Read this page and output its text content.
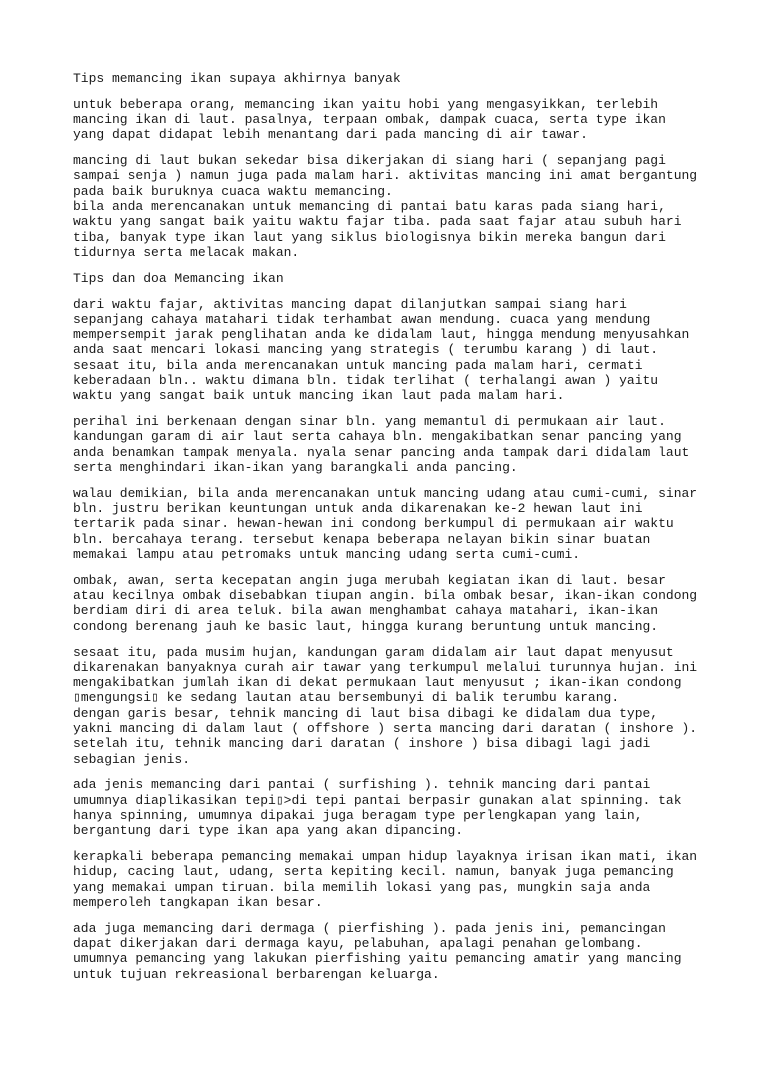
Tips memancing ikan supaya akhirnya banyak
untuk beberapa orang, memancing ikan yaitu hobi yang mengasyikkan, terlebih
mancing ikan di laut. pasalnya, terpaan ombak, dampak cuaca, serta type ikan
yang dapat didapat lebih menantang dari pada mancing di air tawar.
mancing di laut bukan sekedar bisa dikerjakan di siang hari ( sepanjang pagi
sampai senja ) namun juga pada malam hari. aktivitas mancing ini amat bergantung
pada baik buruknya cuaca waktu memancing.
bila anda merencanakan untuk memancing di pantai batu karas pada siang hari,
waktu yang sangat baik yaitu waktu fajar tiba. pada saat fajar atau subuh hari
tiba, banyak type ikan laut yang siklus biologisnya bikin mereka bangun dari
tidurnya serta melacak makan.
Tips dan doa Memancing ikan
dari waktu fajar, aktivitas mancing dapat dilanjutkan sampai siang hari
sepanjang cahaya matahari tidak terhambat awan mendung. cuaca yang mendung
mempersempit jarak penglihatan anda ke didalam laut, hingga mendung menyusahkan
anda saat mencari lokasi mancing yang strategis ( terumbu karang ) di laut.
sesaat itu, bila anda merencanakan untuk mancing pada malam hari, cermati
keberadaan bln.. waktu dimana bln. tidak terlihat ( terhalangi awan ) yaitu
waktu yang sangat baik untuk mancing ikan laut pada malam hari.
perihal ini berkenaan dengan sinar bln. yang memantul di permukaan air laut.
kandungan garam di air laut serta cahaya bln. mengakibatkan senar pancing yang
anda benamkan tampak menyala. nyala senar pancing anda tampak dari didalam laut
serta menghindari ikan-ikan yang barangkali anda pancing.
walau demikian, bila anda merencanakan untuk mancing udang atau cumi-cumi, sinar
bln. justru berikan keuntungan untuk anda dikarenakan ke-2 hewan laut ini
tertarik pada sinar. hewan-hewan ini condong berkumpul di permukaan air waktu
bln. bercahaya terang. tersebut kenapa beberapa nelayan bikin sinar buatan
memakai lampu atau petromaks untuk mancing udang serta cumi-cumi.
ombak, awan, serta kecepatan angin juga merubah kegiatan ikan di laut. besar
atau kecilnya ombak disebabkan tiupan angin. bila ombak besar, ikan-ikan condong
berdiam diri di area teluk. bila awan menghambat cahaya matahari, ikan-ikan
condong berenang jauh ke basic laut, hingga kurang beruntung untuk mancing.
sesaat itu, pada musim hujan, kandungan garam didalam air laut dapat menyusut
dikarenakan banyaknya curah air tawar yang terkumpul melalui turunnya hujan. ini
mengakibatkan jumlah ikan di dekat permukaan laut menyusut ; ikan-ikan condong
▯mengungsi▯ ke sedang lautan atau bersembunyi di balik terumbu karang.
dengan garis besar, tehnik mancing di laut bisa dibagi ke didalam dua type,
yakni mancing di dalam laut ( offshore ) serta mancing dari daratan ( inshore ).
setelah itu, tehnik mancing dari daratan ( inshore ) bisa dibagi lagi jadi
sebagian jenis.
ada jenis memancing dari pantai ( surfishing ). tehnik mancing dari pantai
umumnya diaplikasikan tepi▯>di tepi pantai berpasir gunakan alat spinning. tak
hanya spinning, umumnya dipakai juga beragam type perlengkapan yang lain,
bergantung dari type ikan apa yang akan dipancing.
kerapkali beberapa pemancing memakai umpan hidup layaknya irisan ikan mati, ikan
hidup, cacing laut, udang, serta kepiting kecil. namun, banyak juga pemancing
yang memakai umpan tiruan. bila memilih lokasi yang pas, mungkin saja anda
memperoleh tangkapan ikan besar.
ada juga memancing dari dermaga ( pierfishing ). pada jenis ini, pemancingan
dapat dikerjakan dari dermaga kayu, pelabuhan, apalagi penahan gelombang.
umumnya pemancing yang lakukan pierfishing yaitu pemancing amatir yang mancing
untuk tujuan rekreasional berbarengan keluarga.
